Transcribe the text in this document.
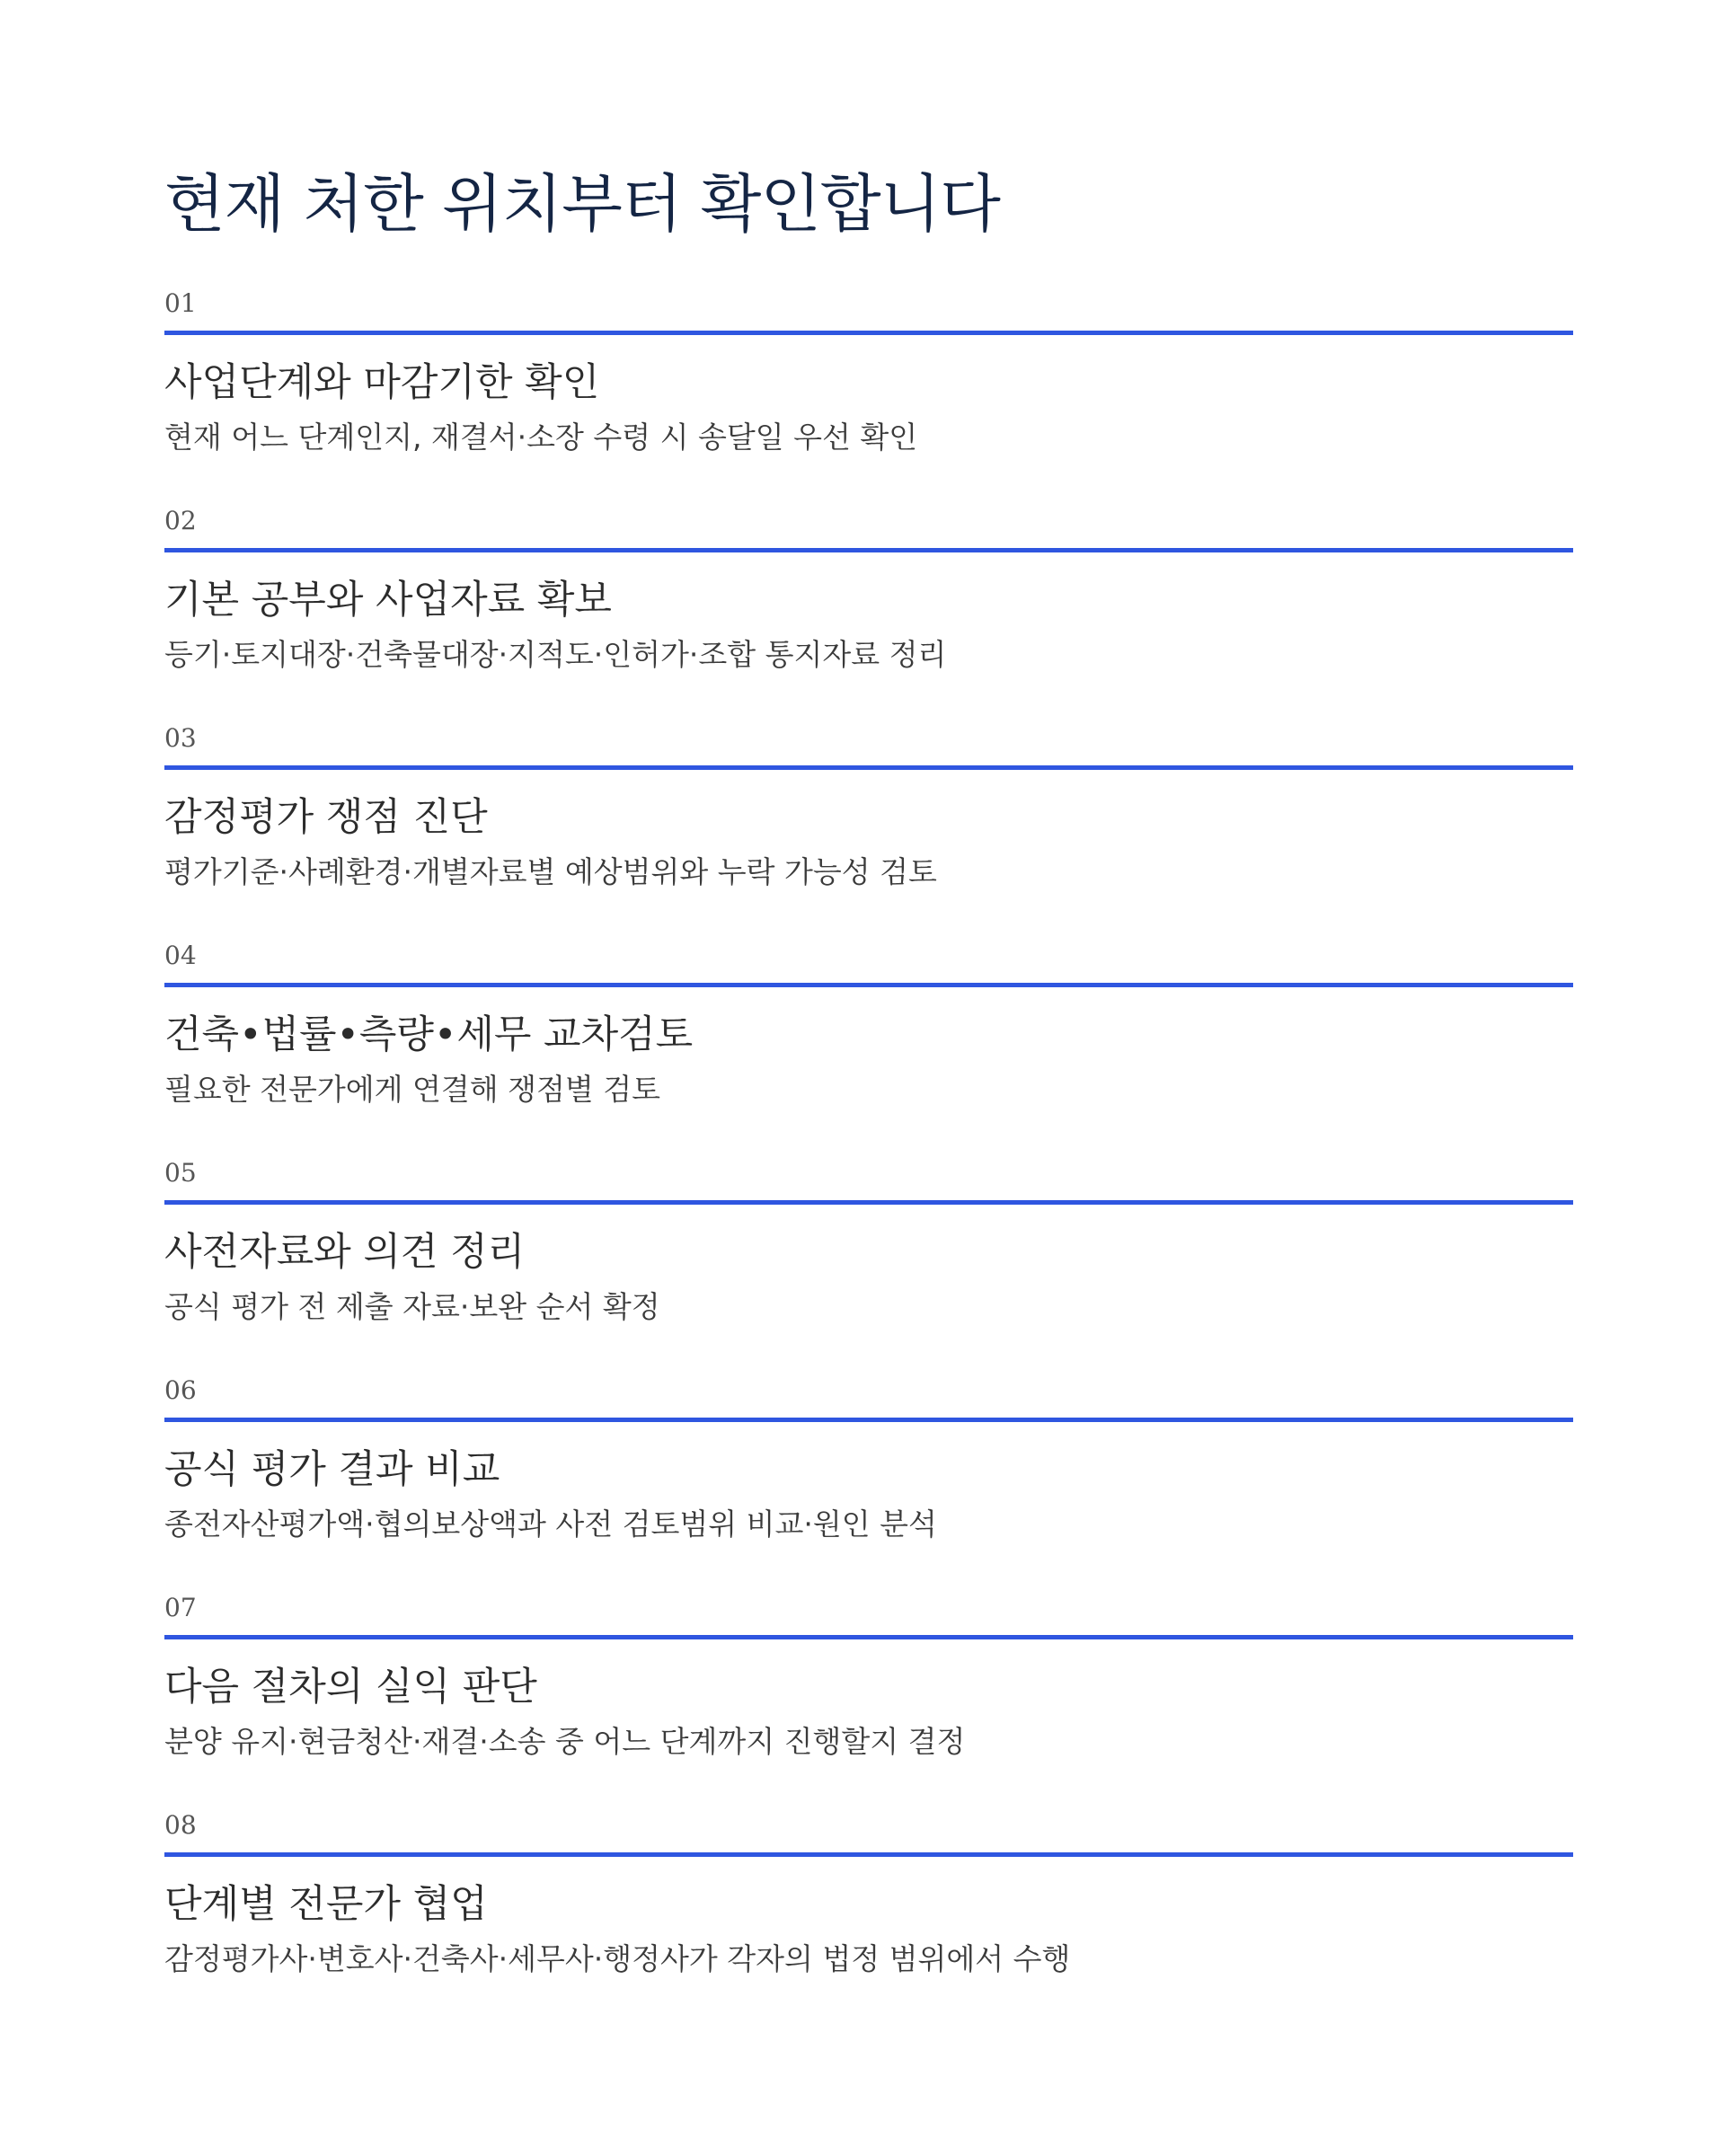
현재 처한 위치부터 확인합니다
01
사업단계와 마감기한 확인
현재 어느 단계인지, 재결서·소장 수령 시 송달일 우선 확인
02
기본 공부와 사업자료 확보
등기·토지대장·건축물대장·지적도·인허가·조합 통지자료 정리
03
감정평가 쟁점 진단
평가기준·사례환경·개별자료별 예상범위와 누락 가능성 검토
04
건축•법률•측량•세무 교차검토
필요한 전문가에게 연결해 쟁점별 검토
05
사전자료와 의견 정리
공식 평가 전 제출 자료·보완 순서 확정
06
공식 평가 결과 비교
종전자산평가액·협의보상액과 사전 검토범위 비교·원인 분석
07
다음 절차의 실익 판단
분양 유지·현금청산·재결·소송 중 어느 단계까지 진행할지 결정
08
단계별 전문가 협업
감정평가사·변호사·건축사·세무사·행정사가 각자의 법정 범위에서 수행
